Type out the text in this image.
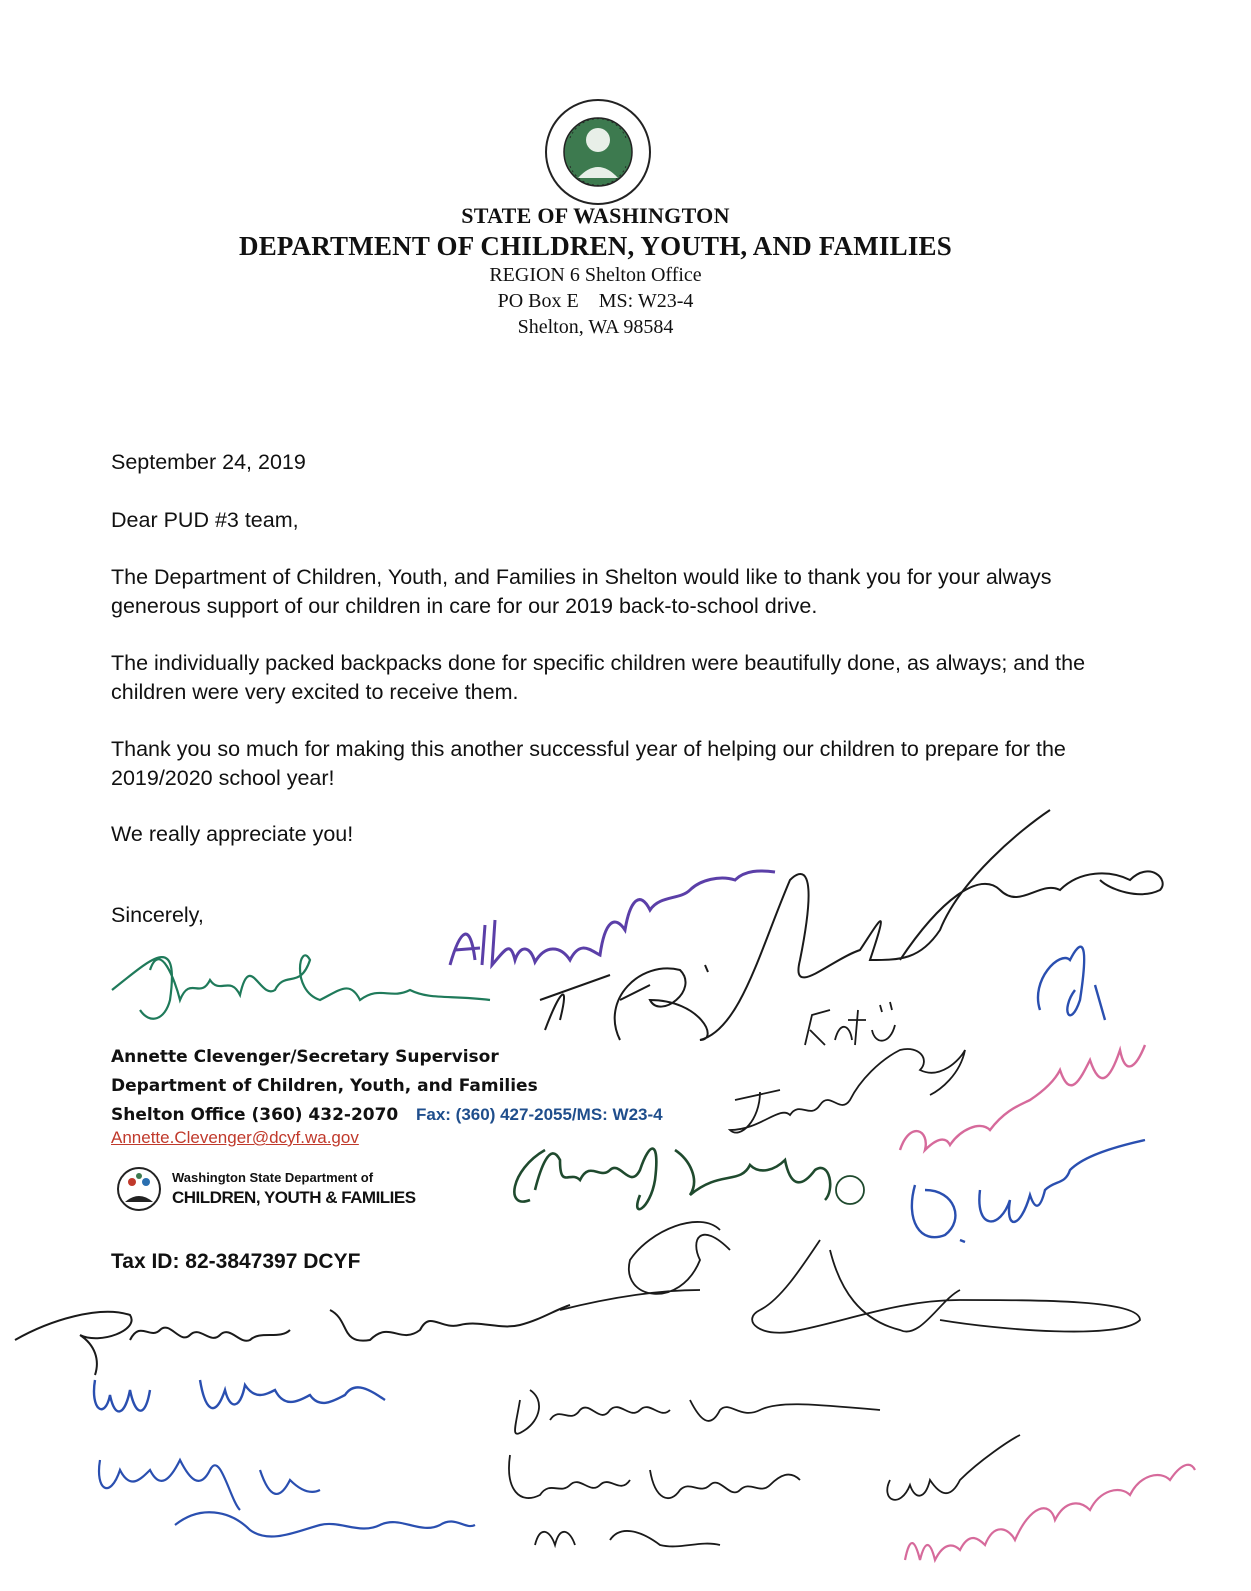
STATE OF WASHINGTON
DEPARTMENT OF CHILDREN, YOUTH, AND FAMILIES
REGION 6 Shelton Office
PO Box E    MS: W23-4
Shelton, WA 98584
September 24, 2019
Dear PUD #3 team,
The Department of Children, Youth, and Families in Shelton would like to thank you for your always generous support of our children in care for our 2019 back-to-school drive.
The individually packed backpacks done for specific children were beautifully done, as always; and the children were very excited to receive them.
Thank you so much for making this another successful year of helping our children to prepare for the 2019/2020 school year!
We really appreciate you!
Sincerely,
Annette Clevenger/Secretary Supervisor
Department of Children, Youth, and Families
Shelton Office (360) 432-2070 Fax: (360) 427-2055/MS: W23-4
Annette.Clevenger@dcyf.wa.gov
Washington State Department of
CHILDREN, YOUTH & FAMILIES
Tax ID: 82-3847397 DCYF
